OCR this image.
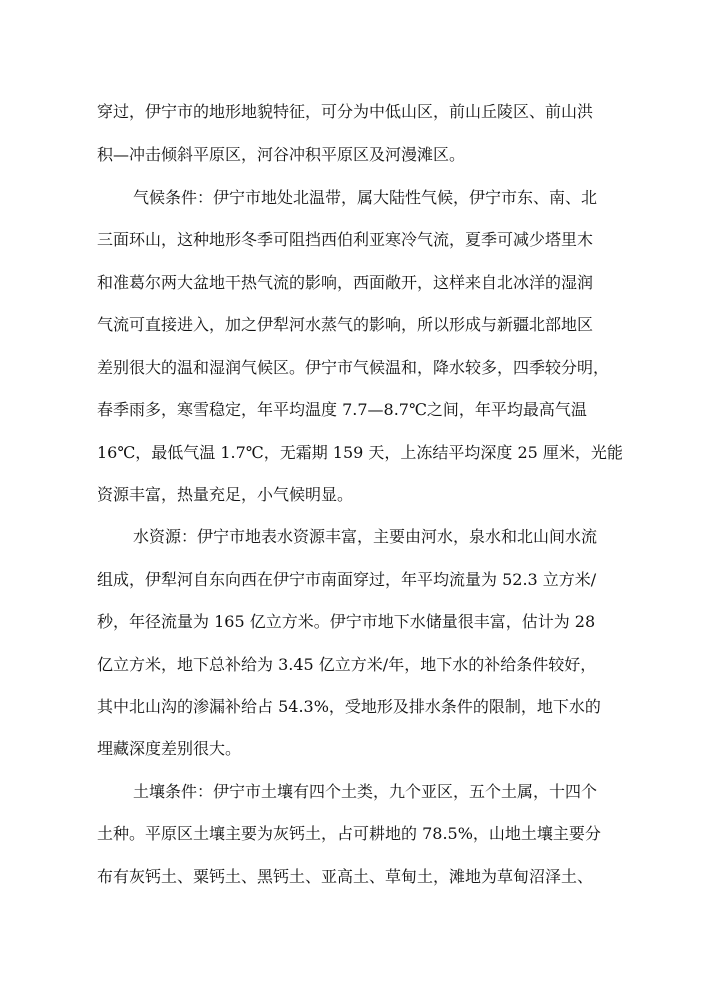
穿过，伊宁市的地形地貌特征，可分为中低山区，前山丘陵区、前山洪

积—冲击倾斜平原区，河谷冲积平原区及河漫滩区。

气候条件：伊宁市地处北温带，属大陆性气候，伊宁市东、南、北

三面环山，这种地形冬季可阻挡西伯利亚寒冷气流，夏季可减少塔里木

和准葛尔两大盆地干热气流的影响，西面敞开，这样来自北冰洋的湿润

气流可直接进入，加之伊犁河水蒸气的影响，所以形成与新疆北部地区

差别很大的温和湿润气候区。伊宁市气候温和，降水较多，四季较分明，

春季雨多，寒雪稳定，年平均温度 7.7—8.7℃之间，年平均最高气温

16℃，最低气温 1.7℃，无霜期 159 天，上冻结平均深度 25 厘米，光能

资源丰富，热量充足，小气候明显。

水资源：伊宁市地表水资源丰富，主要由河水，泉水和北山间水流

组成，伊犁河自东向西在伊宁市南面穿过，年平均流量为 52.3 立方米/

秒，年径流量为 165 亿立方米。伊宁市地下水储量很丰富，估计为 28

亿立方米，地下总补给为 3.45 亿立方米/年，地下水的补给条件较好，

其中北山沟的渗漏补给占 54.3%，受地形及排水条件的限制，地下水的

埋藏深度差别很大。

土壤条件：伊宁市土壤有四个土类，九个亚区，五个土属，十四个

土种。平原区土壤主要为灰钙土，占可耕地的 78.5%，山地土壤主要分

布有灰钙土、粟钙土、黑钙土、亚高土、草甸土，滩地为草甸沼泽土、
